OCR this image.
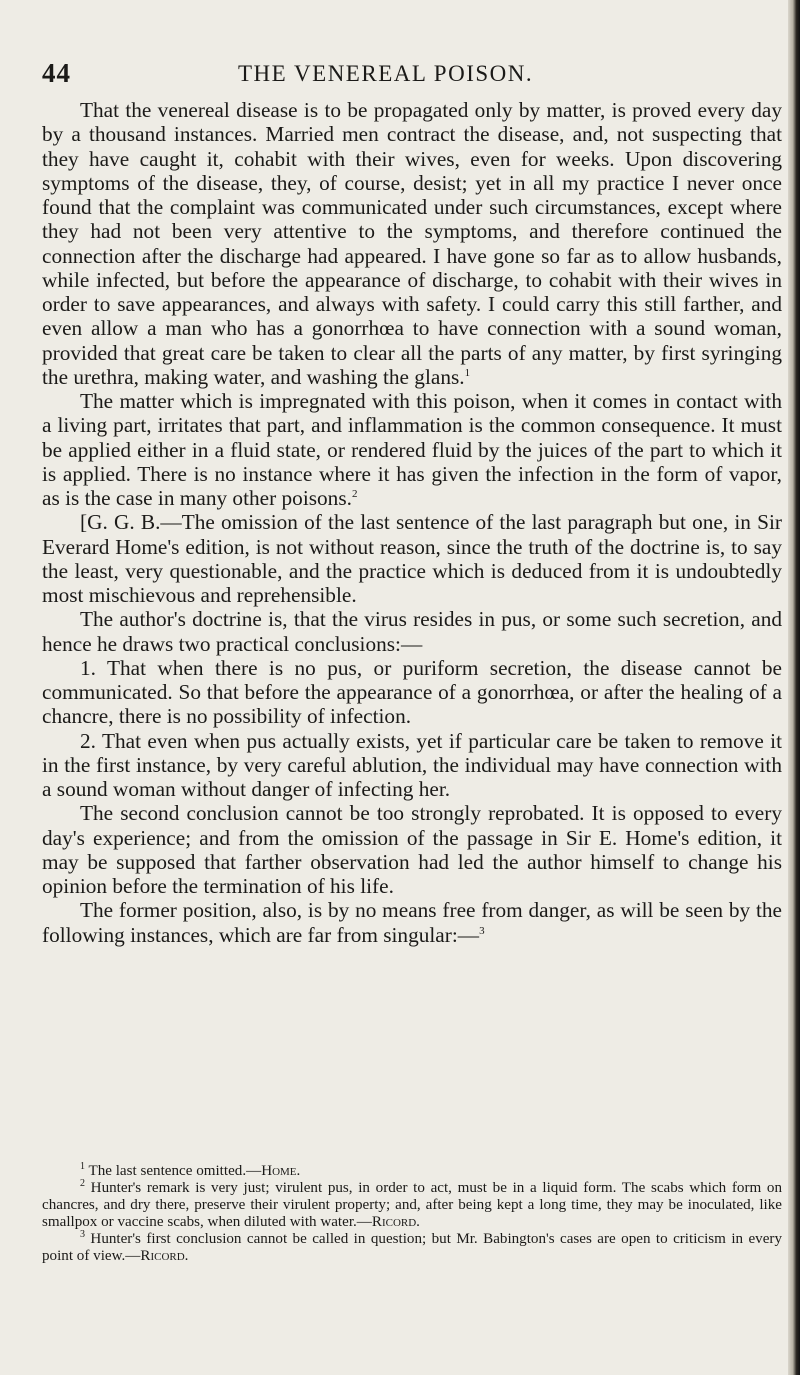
44	THE VENEREAL POISON.

That the venereal disease is to be propagated only by matter, is proved every day by a thousand instances. Married men contract the disease, and, not suspecting that they have caught it, cohabit with their wives, even for weeks. Upon discovering symptoms of the disease, they, of course, desist; yet in all my practice I never once found that the complaint was communicated under such circumstances, except where they had not been very attentive to the symptoms, and therefore continued the connection after the discharge had appeared. I have gone so far as to allow husbands, while infected, but before the appearance of discharge, to cohabit with their wives in order to save appearances, and always with safety. I could carry this still farther, and even allow a man who has a gonorrhœa to have connection with a sound woman, provided that great care be taken to clear all the parts of any matter, by first syringing the urethra, making water, and washing the glans.$^1$

The matter which is impregnated with this poison, when it comes in contact with a living part, irritates that part, and inflammation is the common consequence. It must be applied either in a fluid state, or rendered fluid by the juices of the part to which it is applied. There is no instance where it has given the infection in the form of vapor, as is the case in many other poisons.$^2$

[G. G. B.—The omission of the last sentence of the last paragraph but one, in Sir Everard Home's edition, is not without reason, since the truth of the doctrine is, to say the least, very questionable, and the practice which is deduced from it is undoubtedly most mischievous and reprehensible.

The author's doctrine is, that the virus resides in pus, or some such secretion, and hence he draws two practical conclusions:—

1. That when there is no pus, or puriform secretion, the disease cannot be communicated. So that before the appearance of a gonorrhœa, or after the healing of a chancre, there is no possibility of infection.

2. That even when pus actually exists, yet if particular care be taken to remove it in the first instance, by very careful ablution, the individual may have connection with a sound woman without danger of infecting her.

The second conclusion cannot be too strongly reprobated. It is opposed to every day's experience; and from the omission of the passage in Sir E. Home's edition, it may be supposed that farther observation had led the author himself to change his opinion before the termination of his life.

The former position, also, is by no means free from danger, as will be seen by the following instances, which are far from singular:—$^3$

$^1$ The last sentence omitted.—Home.

$^2$ Hunter's remark is very just; virulent pus, in order to act, must be in a liquid form. The scabs which form on chancres, and dry there, preserve their virulent property; and, after being kept a long time, they may be inoculated, like smallpox or vaccine scabs, when diluted with water.—Ricord.

$^3$ Hunter's first conclusion cannot be called in question; but Mr. Babington's cases are open to criticism in every point of view.—Ricord.
